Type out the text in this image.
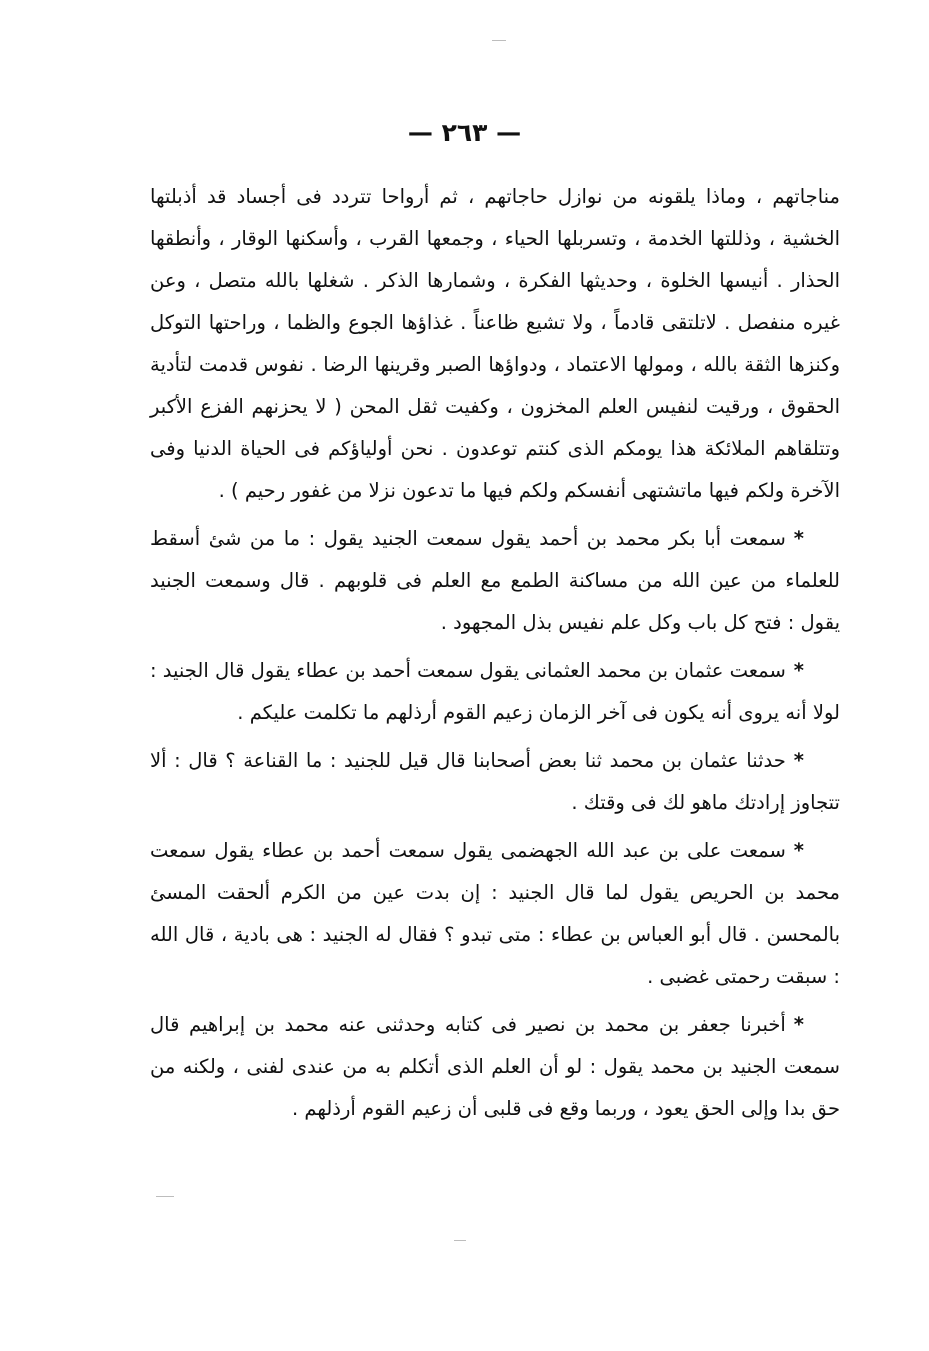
— ٢٦٣ —

مناجاتهم ، وماذا يلقونه من نوازل حاجاتهم ، ثم أرواحا تتردد فى أجساد قد أذبلتها الخشية ، وذللتها الخدمة ، وتسربلها الحياء ، وجمعها القرب ، وأسكنها الوقار ، وأنطقها الحذار . أنيسها الخلوة ، وحديثها الفكرة ، وشمارها الذكر . شغلها بالله متصل ، وعن غيره منفصل . لاتلتقى قادماً ، ولا تشيع ظاعناً . غذاؤها الجوع والظما ، وراحتها التوكل وكنزها الثقة بالله ، ومولها الاعتماد ، ودواؤها الصبر وقرينها الرضا . نفوس قدمت لتأدية الحقوق ، ورقيت لنفيس العلم المخزون ، وكفيت ثقل المحن ( لا يحزنهم الفزع الأكبر وتتلقاهم الملائكة هذا يومكم الذى كنتم توعدون . نحن أولياؤكم فى الحياة الدنيا وفى الآخرة ولكم فيها ماتشتهى أنفسكم ولكم فيها ما تدعون نزلا من غفور رحيم ) .

*سمعت أبا بكر محمد بن أحمد يقول سمعت الجنيد يقول : ما من شئ أسقط للعلماء من عين الله من مساكنة الطمع مع العلم فى قلوبهم . قال وسمعت الجنيد يقول : فتح كل باب وكل علم نفيس بذل المجهود .

*سمعت عثمان بن محمد العثمانى يقول سمعت أحمد بن عطاء يقول قال الجنيد : لولا أنه يروى أنه يكون فى آخر الزمان زعيم القوم أرذلهم ما تكلمت عليكم .

*حدثنا عثمان بن محمد ثنا بعض أصحابنا قال قيل للجنيد : ما القناعة ؟ قال : ألا تتجاوز إرادتك ماهو لك فى وقتك .

*سمعت على بن عبد الله الجهضمى يقول سمعت أحمد بن عطاء يقول سمعت محمد بن الحريص يقول لما قال الجنيد : إن بدت عين من الكرم ألحقت المسئ بالمحسن . قال أبو العباس بن عطاء : متى تبدو ؟ فقال له الجنيد : هى بادية ، قال الله : سبقت رحمتى غضبى .

*أخبرنا جعفر بن محمد بن نصير فى كتابه وحدثنى عنه محمد بن إبراهيم قال سمعت الجنيد بن محمد يقول : لو أن العلم الذى أتكلم به من عندى لفنى ، ولكنه من حق بدا وإلى الحق يعود ، وربما وقع فى قلبى أن زعيم القوم أرذلهم .
